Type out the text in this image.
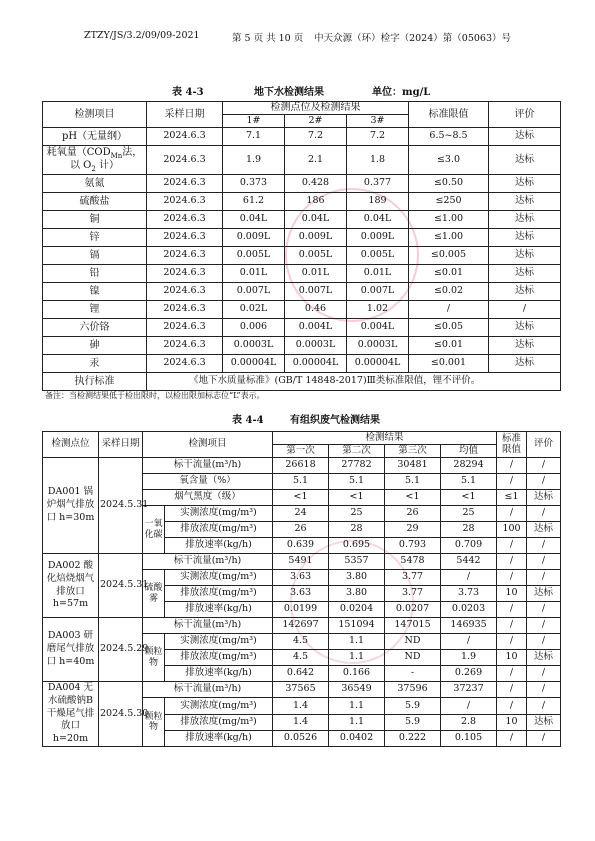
ZTZY/JS/3.2/09/09-2021	第 5 页 共 10 页 中天众源（环）检字（2024）第（05063）号
表 4-3	地下水检测结果	单位：mg/L
检测项目	采样日期	检测点位及检测结果			标准限值	评价
		1#	2#	3#		
pH（无量纲）	2024.6.3	7.1	7.2	7.2	6.5~8.5	达标
耗氧量（$COD_{Mn}$法，以 $O_2$ 计）	2024.6.3	1.9	2.1	1.8	≤3.0	达标
氨氮	2024.6.3	0.373	0.428	0.377	≤0.50	达标
硫酸盐	2024.6.3	61.2	186	189	≤250	达标
铜	2024.6.3	0.04L	0.04L	0.04L	≤1.00	达标
锌	2024.6.3	0.009L	0.009L	0.009L	≤1.00	达标
镉	2024.6.3	0.005L	0.005L	0.005L	≤0.005	达标
铅	2024.6.3	0.01L	0.01L	0.01L	≤0.01	达标
镍	2024.6.3	0.007L	0.007L	0.007L	≤0.02	达标
锂	2024.6.3	0.02L	0.46	1.02	/	/
六价铬	2024.6.3	0.006	0.004L	0.004L	≤0.05	达标
砷	2024.6.3	0.0003L	0.0003L	0.0003L	≤0.01	达标
汞	2024.6.3	0.00004L	0.00004L	0.00004L	≤0.001	达标
执行标准	《地下水质量标准》(GB/T 14848-2017)Ⅲ类标准限值，锂不评价。					
备注：当检测结果低于检出限时，以检出限加标志位“L”表示。
表 4-4	有组织废气检测结果
检测点位	采样日期	检测项目		检测结果				标准限值	评价
				第一次	第二次	第三次	均值		
DA001 锅炉烟气排放口 h=30m	2024.5.31	标干流量(m³/h)		26618	27782	30481	28294	/	/
		氧含量（%）		5.1	5.1	5.1	5.1	/	/
		烟气黑度（级）		<1	<1	<1	<1	≤1	达标
		一氧化碳	实测浓度(mg/m³)	24	25	26	25	/	/
			排放浓度(mg/m³)	26	28	29	28	100	达标
			排放速率(kg/h)	0.639	0.695	0.793	0.709	/	/
DA002 酸化焙烧烟气排放口 h=57m	2024.5.31	标干流量(m³/h)		5491	5357	5478	5442	/	/
		硫酸雾	实测浓度(mg/m³)	3.63	3.80	3.77	/	/	/
			排放浓度(mg/m³)	3.63	3.80	3.77	3.73	10	达标
			排放速率(kg/h)	0.0199	0.0204	0.0207	0.0203	/	/
DA003 研磨尾气排放口 h=40m	2024.5.29	标干流量(m³/h)		142697	151094	147015	146935	/	/
		颗粒物	实测浓度(mg/m³)	4.5	1.1	ND	/	/	/
			排放浓度(mg/m³)	4.5	1.1	ND	1.9	10	达标
			排放速率(kg/h)	0.642	0.166	-	0.269	/	/
DA004 无水硫酸钠B干燥尾气排放口 h=20m	2024.5.30	标干流量(m³/h)		37565	36549	37596	37237	/	/
		颗粒物	实测浓度(mg/m³)	1.4	1.1	5.9	/	/	/
			排放浓度(mg/m³)	1.4	1.1	5.9	2.8	10	达标
			排放速率(kg/h)	0.0526	0.0402	0.222	0.105	/	/
